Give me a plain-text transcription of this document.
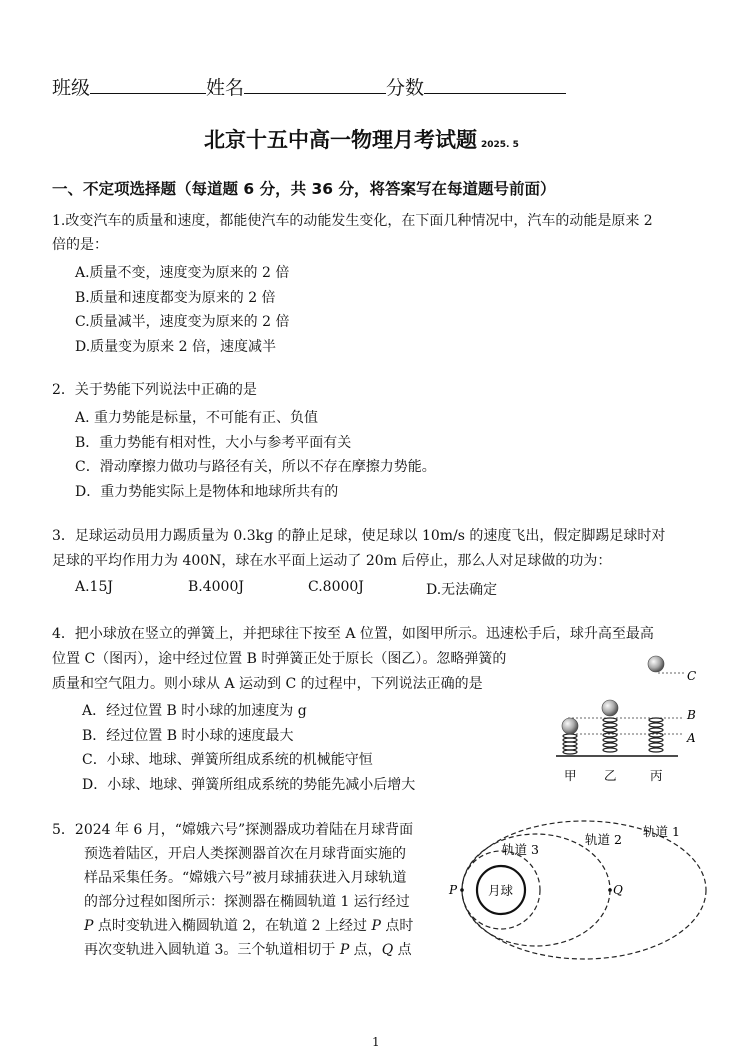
班级	姓名	分数
北京十五中高一物理月考试题 2025. 5
一、不定项选择题（每道题 6 分，共 36 分，将答案写在每道题号前面）
1.改变汽车的质量和速度，都能使汽车的动能发生变化，在下面几种情况中，汽车的动能是原来 2
倍的是：
A.质量不变，速度变为原来的 2 倍
B.质量和速度都变为原来的 2 倍
C.质量减半，速度变为原来的 2 倍
D.质量变为原来 2 倍，速度减半
2．关于势能下列说法中正确的是
A. 重力势能是标量，不可能有正、负值
B．重力势能有相对性，大小与参考平面有关
C．滑动摩擦力做功与路径有关，所以不存在摩擦力势能。
D．重力势能实际上是物体和地球所共有的
3．足球运动员用力踢质量为 0.3kg 的静止足球，使足球以 10m/s 的速度飞出，假定脚踢足球时对
足球的平均作用力为 400N，球在水平面上运动了 20m 后停止，那么人对足球做的功为：
A.15J	B.4000J	C.8000J	D.无法确定
4．把小球放在竖立的弹簧上，并把球往下按至 A 位置，如图甲所示。迅速松手后，球升高至最高
位置 C（图丙），途中经过位置 B 时弹簧正处于原长（图乙）。忽略弹簧的
质量和空气阻力。则小球从 A 运动到 C 的过程中，下列说法正确的是
A．经过位置 B 时小球的加速度为 g
B．经过位置 B 时小球的速度最大
C．小球、地球、弹簧所组成系统的机械能守恒
D．小球、地球、弹簧所组成系统的势能先减小后增大
C
B
A
甲 乙	丙
5．2024 年 6 月，“嫦娥六号”探测器成功着陆在月球背面
预选着陆区，开启人类探测器首次在月球背面实施的
样品采集任务。“嫦娥六号”被月球捕获进入月球轨道
的部分过程如图所示：探测器在椭圆轨道 1 运行经过
P 点时变轨进入椭圆轨道 2，在轨道 2 上经过 P 点时
再次变轨进入圆轨道 3。三个轨道相切于 P 点，Q 点
月球
P	Q
轨道 1
轨道 2
轨道 3
1
